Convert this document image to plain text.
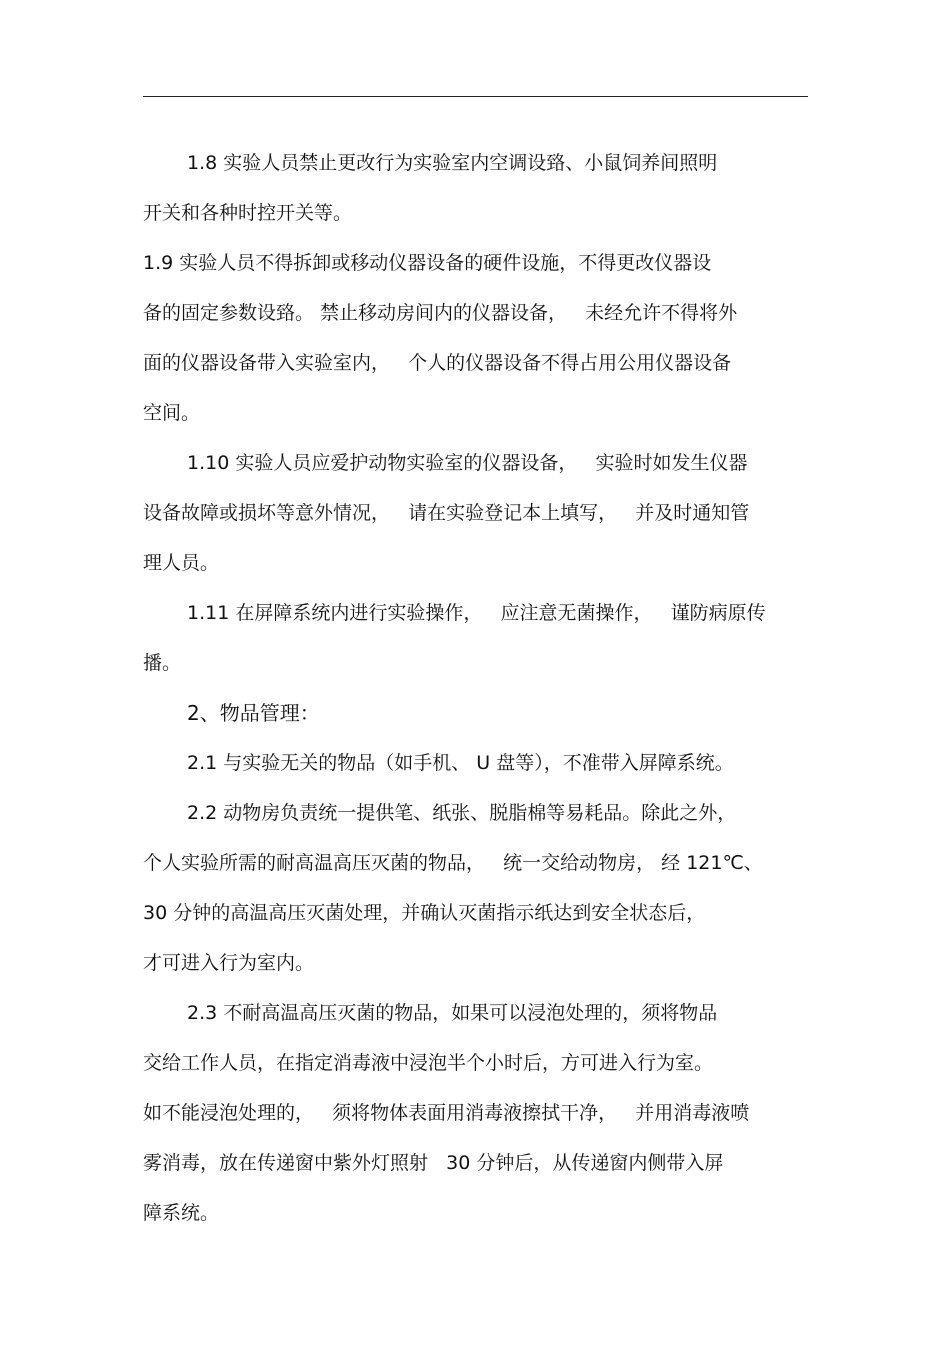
1.8 实验人员禁止更改行为实验室内空调设臵、小鼠饲养间照明
开关和各种时控开关等。
1.9 实验人员不得拆卸或移动仪器设备的硬件设施，不得更改仪器设
备的固定参数设臵。 禁止移动房间内的仪器设备，   未经允许不得将外
面的仪器设备带入实验室内，   个人的仪器设备不得占用公用仪器设备
空间。
1.10 实验人员应爱护动物实验室的仪器设备，   实验时如发生仪器
设备故障或损坏等意外情况，   请在实验登记本上填写，   并及时通知管
理人员。
1.11 在屏障系统内进行实验操作，   应注意无菌操作，   谨防病原传
播。
2、物品管理：
2.1 与实验无关的物品（如手机、 U 盘等），不准带入屏障系统。
2.2 动物房负责统一提供笔、纸张、脱脂棉等易耗品。除此之外，
个人实验所需的耐高温高压灭菌的物品，   统一交给动物房， 经 121℃、
30 分钟的高温高压灭菌处理，并确认灭菌指示纸达到安全状态后，
才可进入行为室内。
2.3 不耐高温高压灭菌的物品，如果可以浸泡处理的，须将物品
交给工作人员，在指定消毒液中浸泡半个小时后，方可进入行为室。
如不能浸泡处理的，   须将物体表面用消毒液擦拭干净，   并用消毒液喷
雾消毒，放在传递窗中紫外灯照射   30 分钟后，从传递窗内侧带入屏
障系统。
